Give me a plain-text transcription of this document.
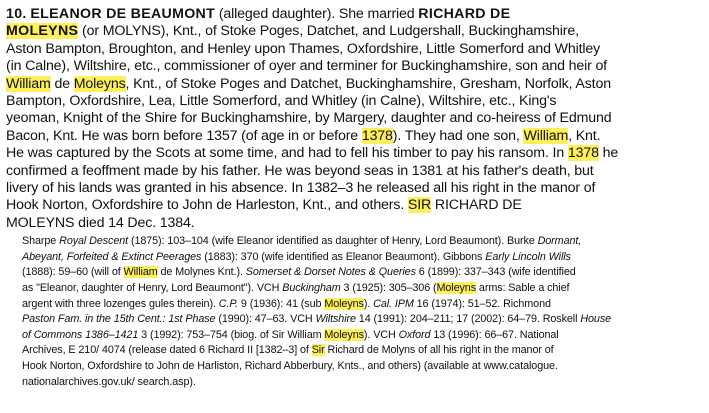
10. ELEANOR DE BEAUMONT (alleged daughter). She married RICHARD DE
MOLEYNS (or MOLYNS), Knt., of Stoke Poges, Datchet, and Ludgershall, Buckinghamshire,
Aston Bampton, Broughton, and Henley upon Thames, Oxfordshire, Little Somerford and Whitley
(in Calne), Wiltshire, etc., commissioner of oyer and terminer for Buckinghamshire, son and heir of
William de Moleyns, Knt., of Stoke Poges and Datchet, Buckinghamshire, Gresham, Norfolk, Aston
Bampton, Oxfordshire, Lea, Little Somerford, and Whitley (in Calne), Wiltshire, etc., King's
yeoman, Knight of the Shire for Buckinghamshire, by Margery, daughter and co-heiress of Edmund
Bacon, Knt. He was born before 1357 (of age in or before 1378). They had one son, William, Knt.
He was captured by the Scots at some time, and had to fell his timber to pay his ransom. In 1378 he
confirmed a feoffment made by his father. He was beyond seas in 1381 at his father's death, but
livery of his lands was granted in his absence. In 1382–3 he released all his right in the manor of
Hook Norton, Oxfordshire to John de Harleston, Knt., and others. SIR RICHARD DE
MOLEYNS died 14 Dec. 1384.
Sharpe Royal Descent (1875): 103–104 (wife Eleanor identified as daughter of Henry, Lord Beaumont). Burke Dormant,
Abeyant, Forfeited & Extinct Peerages (1883): 370 (wife identified as Eleanor Beaumont). Gibbons Early Lincoln Wills
(1888): 59–60 (will of William de Molynes Knt.). Somerset & Dorset Notes & Queries 6 (1899): 337–343 (wife identified
as "Eleanor, daughter of Henry, Lord Beaumont"). VCH Buckingham 3 (1925): 305–306 (Moleyns arms: Sable a chief
argent with three lozenges gules therein). C.P. 9 (1936): 41 (sub Moleyns). Cal. IPM 16 (1974): 51–52. Richmond
Paston Fam. in the 15th Cent.: 1st Phase (1990): 47–63. VCH Wiltshire 14 (1991): 204–211; 17 (2002): 64–79. Roskell House
of Commons 1386–1421 3 (1992): 753–754 (biog. of Sir William Moleyns). VCH Oxford 13 (1996): 66–67. National
Archives, E 210/ 4074 (release dated 6 Richard II [1382–3] of Sir Richard de Molyns of all his right in the manor of
Hook Norton, Oxfordshire to John de Harliston, Richard Abberbury, Knts., and others) (available at www.catalogue.
nationalarchives.gov.uk/ search.asp).
